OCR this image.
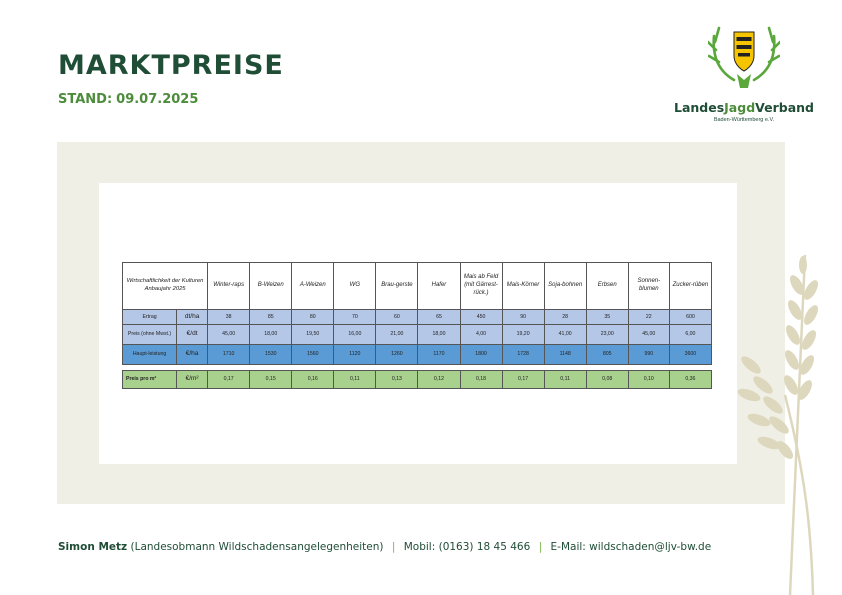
MARKTPREISE
STAND: 09.07.2025
LandesJagdVerband
Baden-Württemberg e.V.
Wirtschaftlichkeit der Kulturen Anbaujahr 2025		Winter-raps	B-Weizen	A-Weizen	WG	Brau-gerste	Hafer	Mais ab Feld (mit Gärrest-rück.)	Mais-Körner	Soja-bohnen	Erbsen	Sonnen-blumen	Zucker-rüben
Ertrag	dt/ha	38	85	80	70	60	65	450	90	28	35	22	600
Preis (ohne Mwst.)	€/dt	45,00	18,00	19,50	16,00	21,00	18,00	4,00	19,20	41,00	23,00	45,00	6,00
Haupt-leistung	€/ha	1710	1530	1560	1120	1260	1170	1800	1728	1148	805	990	3600

Preis pro m²	€/m²	0,17	0,15	0,16	0,11	0,13	0,12	0,18	0,17	0,11	0,08	0,10	0,36
Simon Metz (Landesobmann Wildschadensangelegenheiten) | Mobil: (0163) 18 45 466 | E-Mail: wildschaden@ljv-bw.de
